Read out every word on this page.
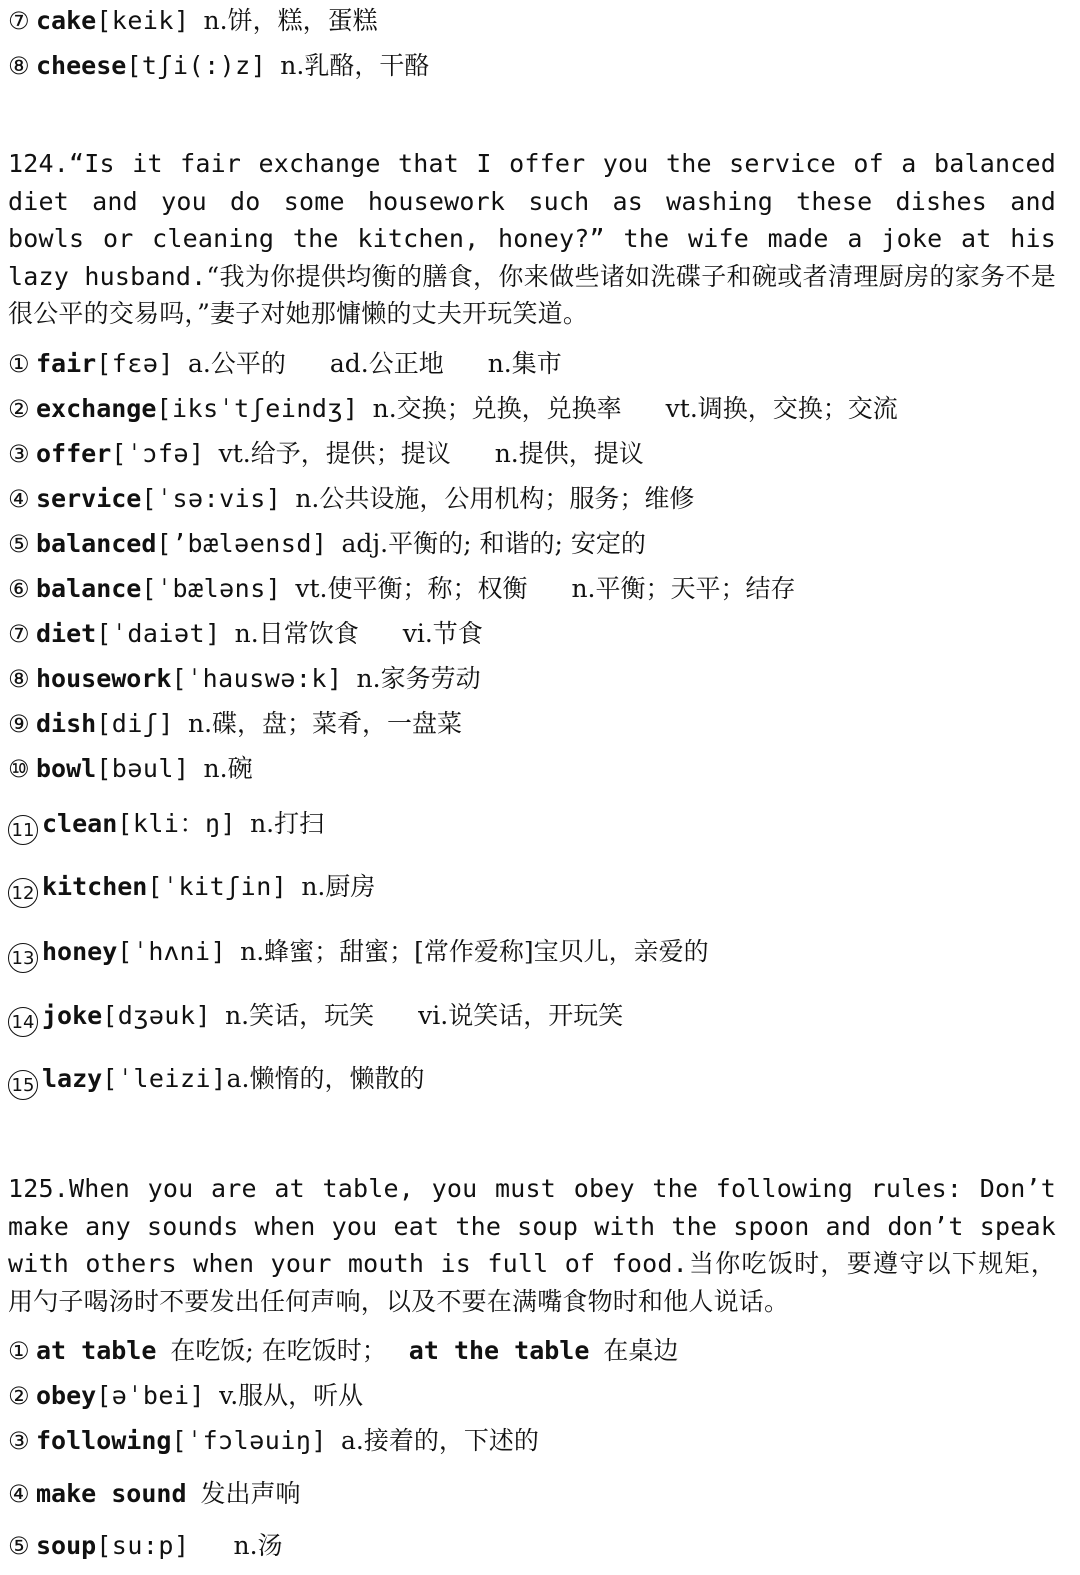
⑦ cake[keik] n.饼，糕，蛋糕
⑧ cheese[tʃi(:)z] n.乳酪，干酪
124.“Is it fair exchange that I offer you the service of a balanced diet and you do some housework such as washing these dishes and bowls or cleaning the kitchen, honey?” the wife made a joke at his lazy husband.“我为你提供均衡的膳食，你来做些诸如洗碟子和碗或者清理厨房的家务不是很公平的交易吗，”妻子对她那慵懒的丈夫开玩笑道。
① fair[fɛə] a.公平的 ad.公正地 n.集市
② exchange[iksˈtʃeindʒ] n.交换；兑换，兑换率 vt.调换，交换；交流
③ offer[ˈɔfə] vt.给予，提供；提议 n.提供，提议
④ service[ˈsə:vis] n.公共设施，公用机构；服务；维修
⑤ balanced[’bæləensd] adj.平衡的; 和谐的; 安定的
⑥ balance[ˈbæləns] vt.使平衡；称；权衡 n.平衡；天平；结存
⑦ diet[ˈdaiət] n.日常饮食 vi.节食
⑧ housework[ˈhauswə:k] n.家务劳动
⑨ dish[diʃ] n.碟，盘；菜肴，一盘菜
⑩ bowl[bəul] n.碗
11 clean[kli：ŋ] n.打扫
12 kitchen[ˈkitʃin] n.厨房
13 honey[ˈhʌni] n.蜂蜜；甜蜜；[常作爱称]宝贝儿，亲爱的
14 joke[dʒəuk] n.笑话，玩笑 vi.说笑话，开玩笑
15 lazy[ˈleizi]a.懒惰的，懒散的
125.When you are at table, you must obey the following rules: Don’t make any sounds when you eat the soup with the spoon and don’t speak with others when your mouth is full of food.当你吃饭时，要遵守以下规矩，用勺子喝汤时不要发出任何声响，以及不要在满嘴食物时和他人说话。
① at table 在吃饭; 在吃饭时； at the table 在桌边
② obey[əˈbei] v.服从，听从
③ following[ˈfɔləuiŋ] a.接着的，下述的
④ make sound 发出声响
⑤ soup[su:p] n.汤
